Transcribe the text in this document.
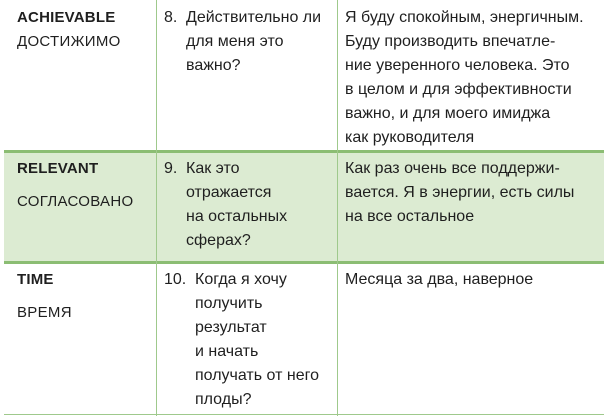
ACHIEVABLE
ДОСТИЖИМО
8. Действительно ли
для меня это
важно?
Я буду спокойным, энергичным.
Буду производить впечатле-
ние уверенного человека. Это
в целом и для эффективности
важно, и для моего имиджа
как руководителя
RELEVANT
СОГЛАСОВАНО
9. Как это
отражается
на остальных
сферах?
Как раз очень все поддержи-
вается. Я в энергии, есть силы
на все остальное
TIME
ВРЕМЯ
10. Когда я хочу
получить
результат
и начать
получать от него
плоды?
Месяца за два, наверное
